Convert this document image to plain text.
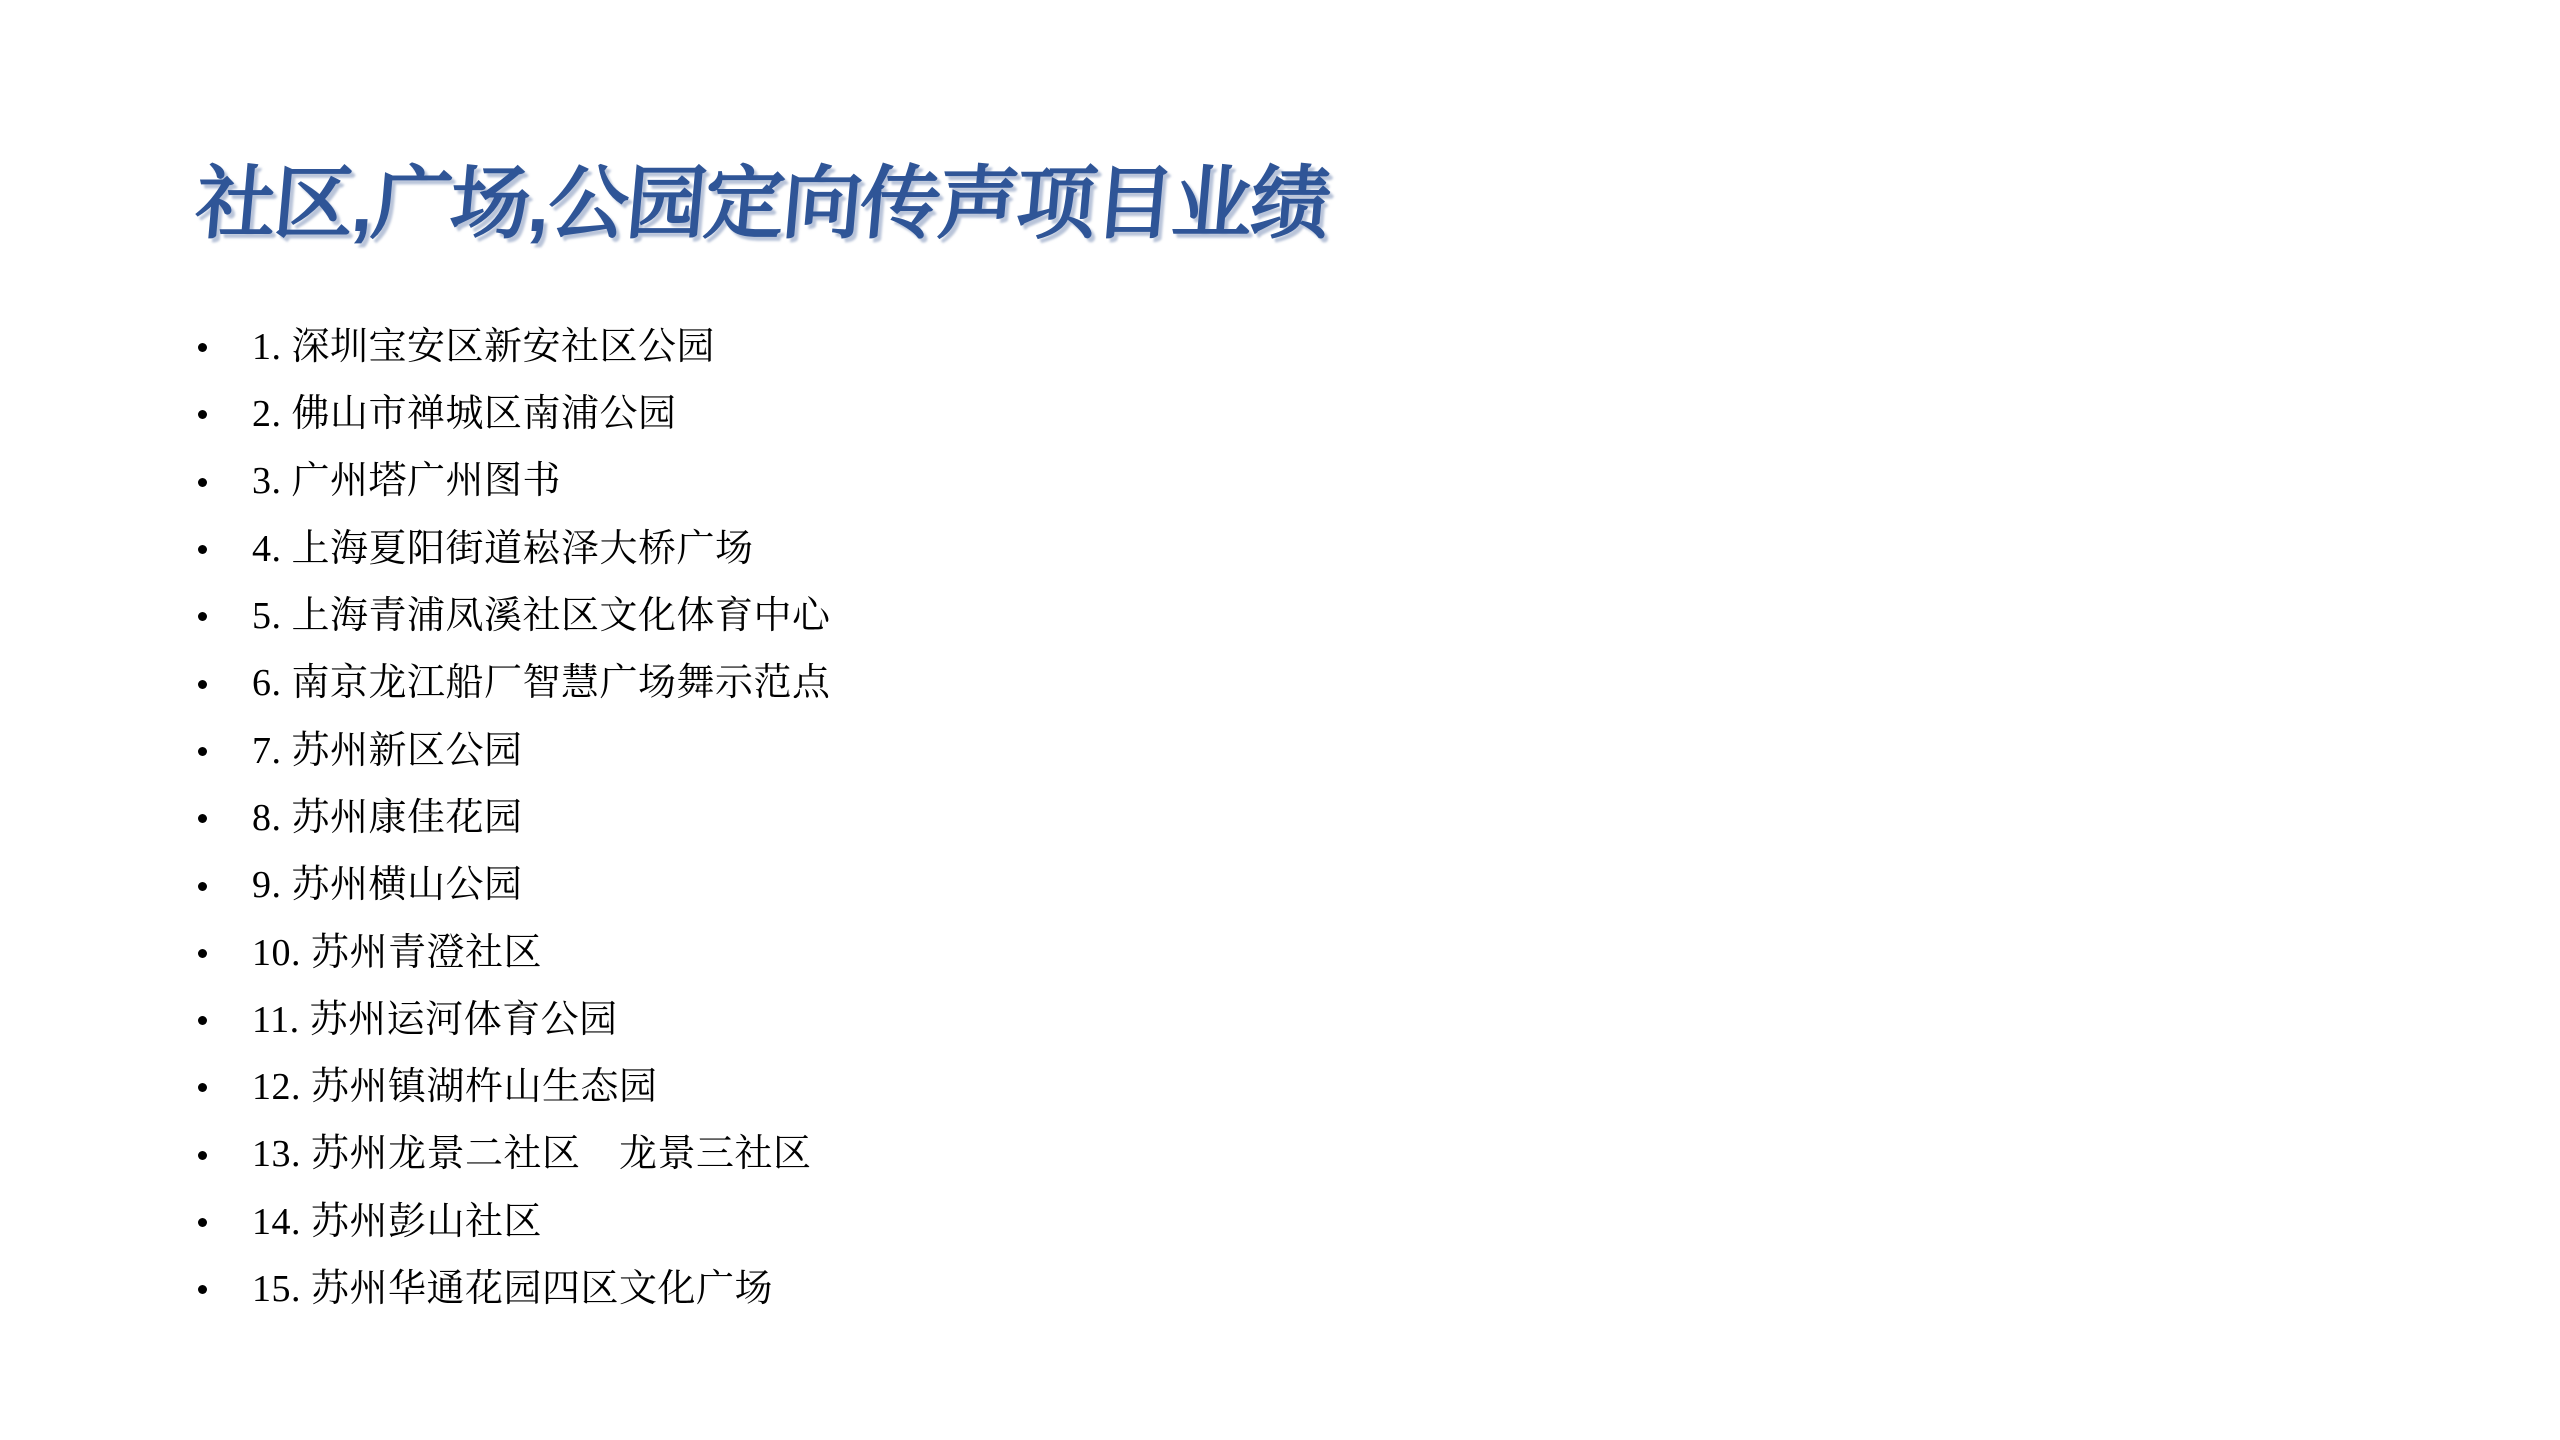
社区,广场,公园定向传声项目业绩
1. 深圳宝安区新安社区公园
2. 佛山市禅城区南浦公园
3. 广州塔广州图书
4. 上海夏阳街道崧泽大桥广场
5. 上海青浦凤溪社区文化体育中心
6. 南京龙江船厂智慧广场舞示范点
7. 苏州新区公园
8. 苏州康佳花园
9. 苏州横山公园
10. 苏州青澄社区
11. 苏州运河体育公园
12. 苏州镇湖杵山生态园
13. 苏州龙景二社区　龙景三社区
14. 苏州彭山社区
15. 苏州华通花园四区文化广场
